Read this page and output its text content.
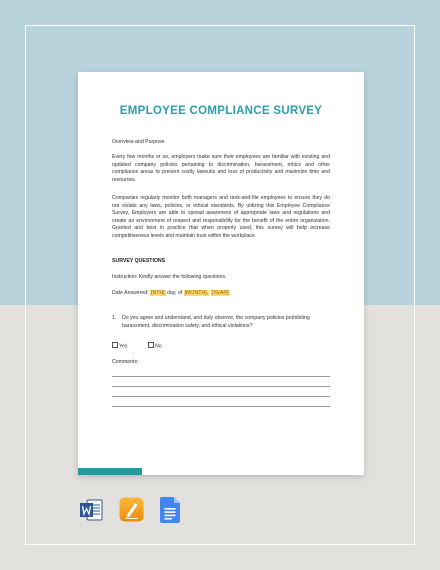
EMPLOYEE COMPLIANCE SURVEY
Overview and Purpose
Every few months or so, employers make sure their employees are familiar with existing and updated company policies pertaining to discrimination, harassment, ethics and other compliance areas to prevent costly lawsuits and loss of productivity and maximize time and resources.
Companies regularly monitor both managers and rank-and-file employees to ensure they do not violate any laws, policies, or ethical standards. By utilizing this Employee Compliance Survey, Employers are able to spread awareness of appropriate laws and regulations and create an environment of respect and responsibility for the benefit of the entire organization. Granted and best in practice that when properly used, this survey will help increase competitiveness levels and maintain trust within the workplace.
SURVEY QUESTIONS
Instruction: Kindly answer the following questions.
Date Answered: [NTH] day, of [MONTH], [YEAR]
1. Do you agree and understand, and duly observe, the company policies prohibiting harassment, discrimination safety, and ethical violations?
Yes	No
Comments:
